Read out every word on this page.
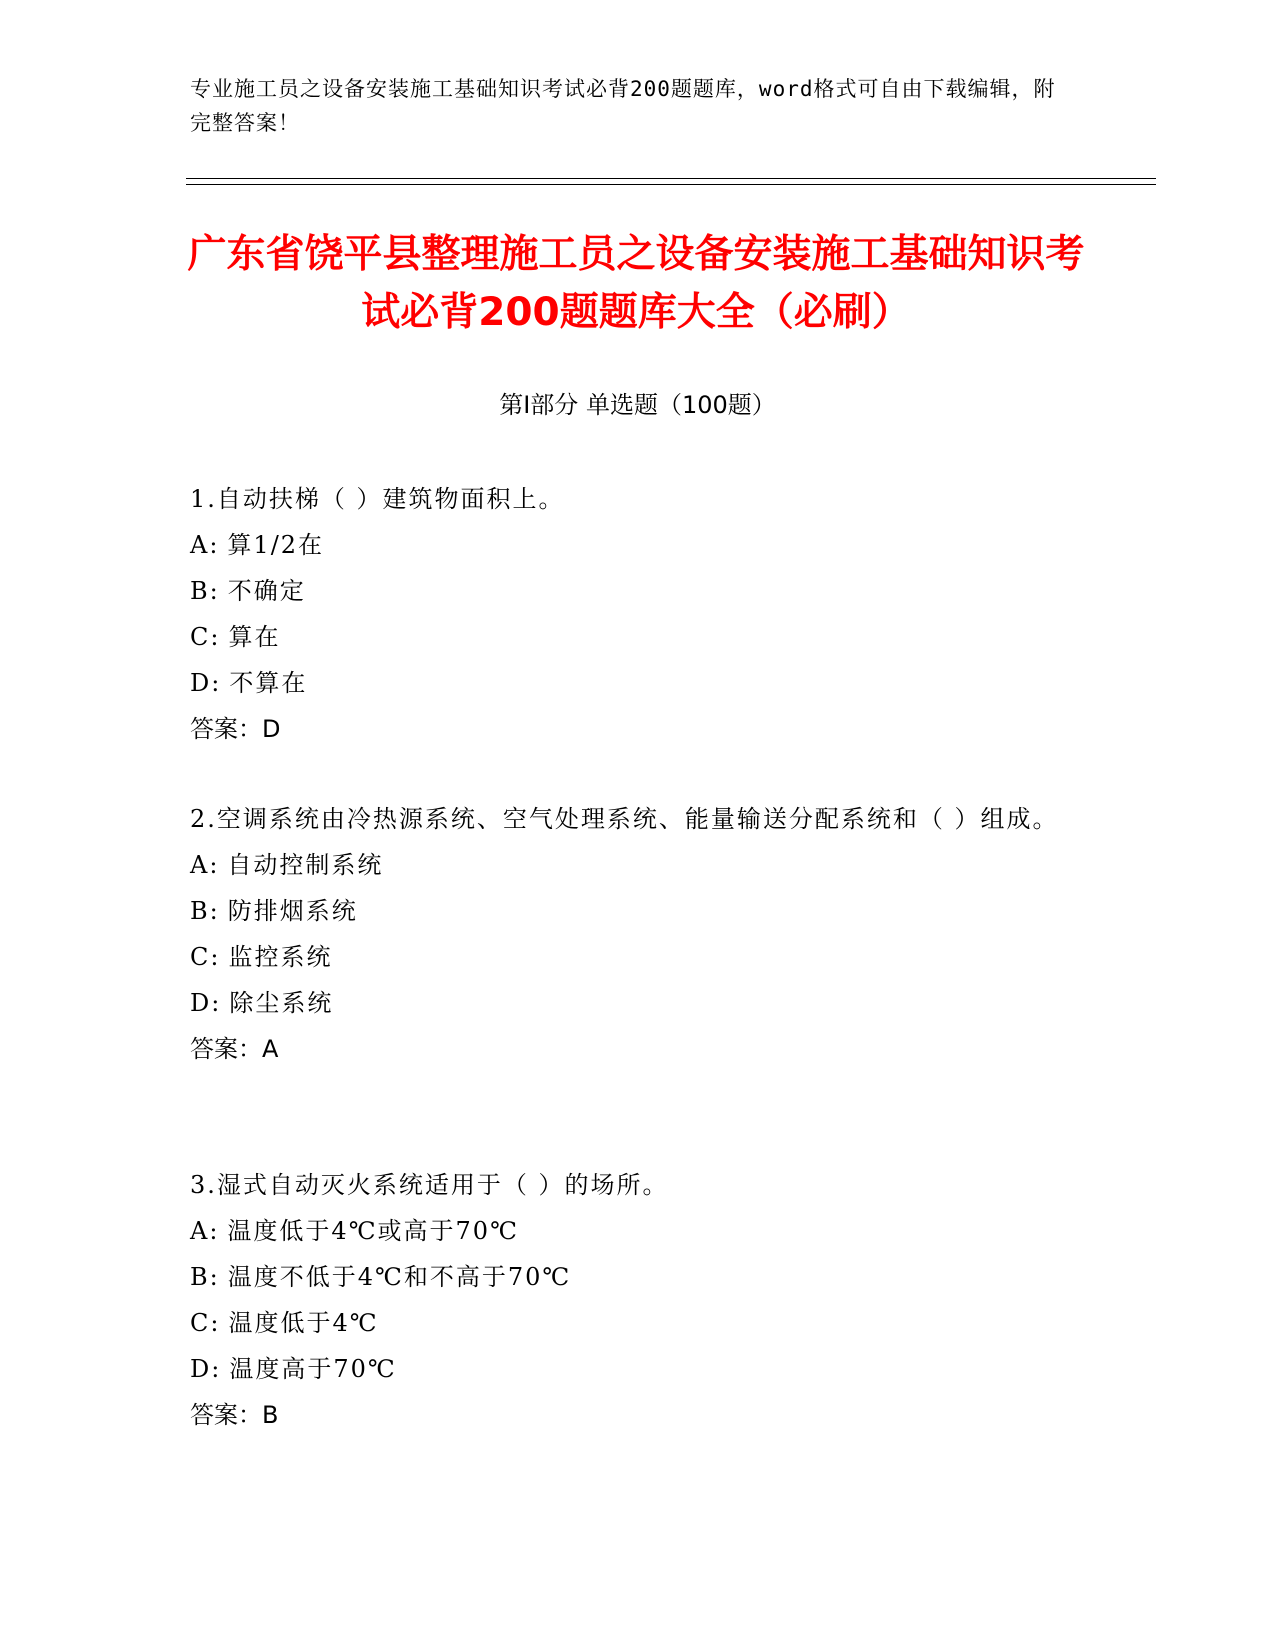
专业施工员之设备安装施工基础知识考试必背200题题库，word格式可自由下载编辑，附完整答案！
广东省饶平县整理施工员之设备安装施工基础知识考试必背200题题库大全（必刷）
第Ⅰ部分 单选题（100题）

1.自动扶梯（ ）建筑物面积上。

A: 算1/2在

B: 不确定

C: 算在

D: 不算在

答案：D

2.空调系统由冷热源系统、空气处理系统、能量输送分配系统和（ ）组成。

A: 自动控制系统

B: 防排烟系统

C: 监控系统

D: 除尘系统

答案：A

3.湿式自动灭火系统适用于（ ）的场所。

A: 温度低于4℃或高于70℃

B: 温度不低于4℃和不高于70℃

C: 温度低于4℃

D: 温度高于70℃

答案：B
